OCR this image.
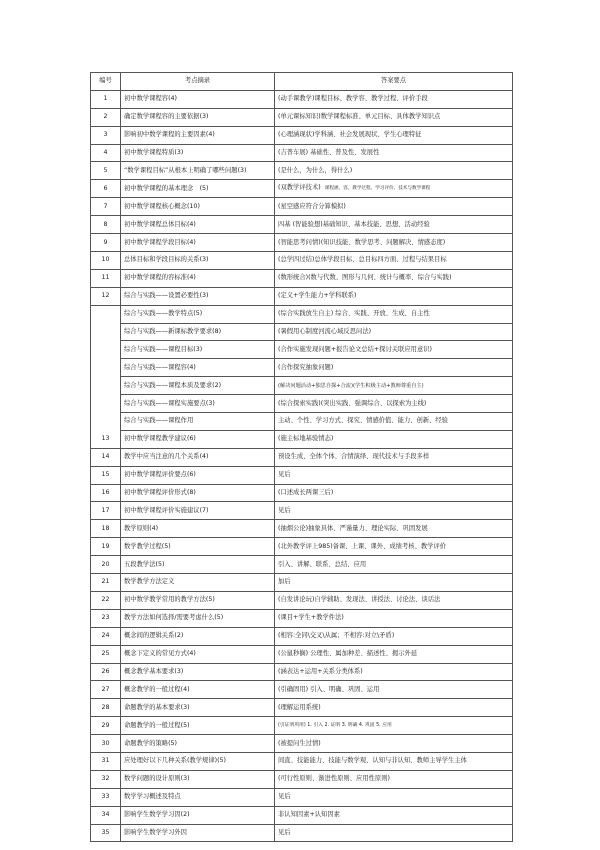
编号	考点摘录	答案要点
1	初中数学课程容(4)	(动手课教学)课程目标、教学容、教学过程、评价手段
2	确定数学课程容的主要依据(3)	(单元课标知识)数学课程标准、单元目标、具体教学知识点
3	影响初中数学课程的主要因素(4)	(心理涵现状)学科涵、社会发展现状、学生心理特征
4	初中数学课程特质(3)	(吉普车展) 基础性、普及性、发展性
5	“数学课程目标”从根本上明确了哪些问题(3)	(是什么，为什么，得什么)
6	初中数学课程的基本理念　(5)	(双教学评技术) 课程涵、容、教学过程、学习评价、技术与数学课程
7	初中数学课程核心概念(10)	(星空感应符合分算模拟)
8	初中数学课程总体目标(4)	四基 (智能验想)基础知识、基本技能、思想、活动经验
9	初中数学课程学段目标(4)	(智能思考问情)(知识技能、数学思考、问题解决、情感态度)
10	总体目标和学段目标的关系(3)	(总学四过结)总体学段目标、总目标四方面、过程与结果目标
11	初中数学课程的容标准(4)	(数形统合)(数与代数、图形与几何、统计与概率、综合与实践)
12	综合与实践——设置必要性(3)	(定义+学生能力+学科联系)
	综合与实践——教学特点(5)	(综合实践放生自主) 综合、实践、开放、生成、自主性
	综合与实践——新课标教学要求(8)	(暑假用心制度河流心域反思问法)
	综合与实践——课程目标(3)	(合作实施发现问题+报告论文总结+探讨关联应用意识)
	综合与实践——课程容(4)	(合作探究抽象问题)
	综合与实践——课程本质及要求(2)	(解决问题活动+独思自探+合流)(学生积极主动+教师尊重自主)
	综合与实践——课程实施要点(3)	(综合探索实践)(突出实践、强调综合、以探索为主线)
	综合与实践——课程作用	主动、个性、学习方式、探究、情感价值、能力、创新、经验
13	初中数学课程教学建议(6)	(施主标地基验情态)
14	教学中应当注意的几个关系(4)	预设生成、全体个体、合情演绎、现代技术与手段多样
15	初中数学课程评价要点(6)	见后
16	初中数学课程评价形式(8)	(口述成长两课三后)
17	初中数学课程评价实施建议(7)	见后
18	教学原则(4)	(抽烟公论)抽象具体、严谨量力、理论实际、巩固发展
19	数学教学过程(5)	(北外教学评上985)备课、上课、课外、成绩考核、教学评价
20	五段教学法(5)	引入、讲解、联系、总结、应用
21	数学教学方法定义	加后
22	初中数学教学常用的教学方法(5)	(自发讲论玩)自学辅助、发现法、讲授法、讨论法、谈话法
23	教学方法如何选择/需要考虑什么(5)	(课目+学生+教学件法)
24	概念间的逻辑关系(2)	(相容:全同\交叉\从属；不相容:对立\矛盾)
25	概念下定义的常见方式(4)	(公鼠秒搁) 公理性、属加种差、描述性、揭示外延
26	概念教学基本要求(3)	(涵表达+运用+关系分类体系)
27	概念教学的一般过程(4)	(引确固用) 引入、明确、巩固、运用
28	命题教学的基本要求(3)	(理解运用系统)
29	命题教学的一般过程(5)	(引证明巩用) 1. 引入 2. 证明 3. 明确 4. 巩固 5. 应用
30	命题教学的策略(5)	(被提问生过情)
31	应处理好以下几种关系(教学规律)(5)	间直、技能能力、技能与数学观、认知与非认知、教师主导学生主体
32	数学问题的设计原则(3)	(可行性原则、渐进性原则、应用性原则)
33	数学学习概述及特点	见后
34	影响学生数学学习因(2)	非认知因素+认知因素
35	影响学生数学学习外因	见后
